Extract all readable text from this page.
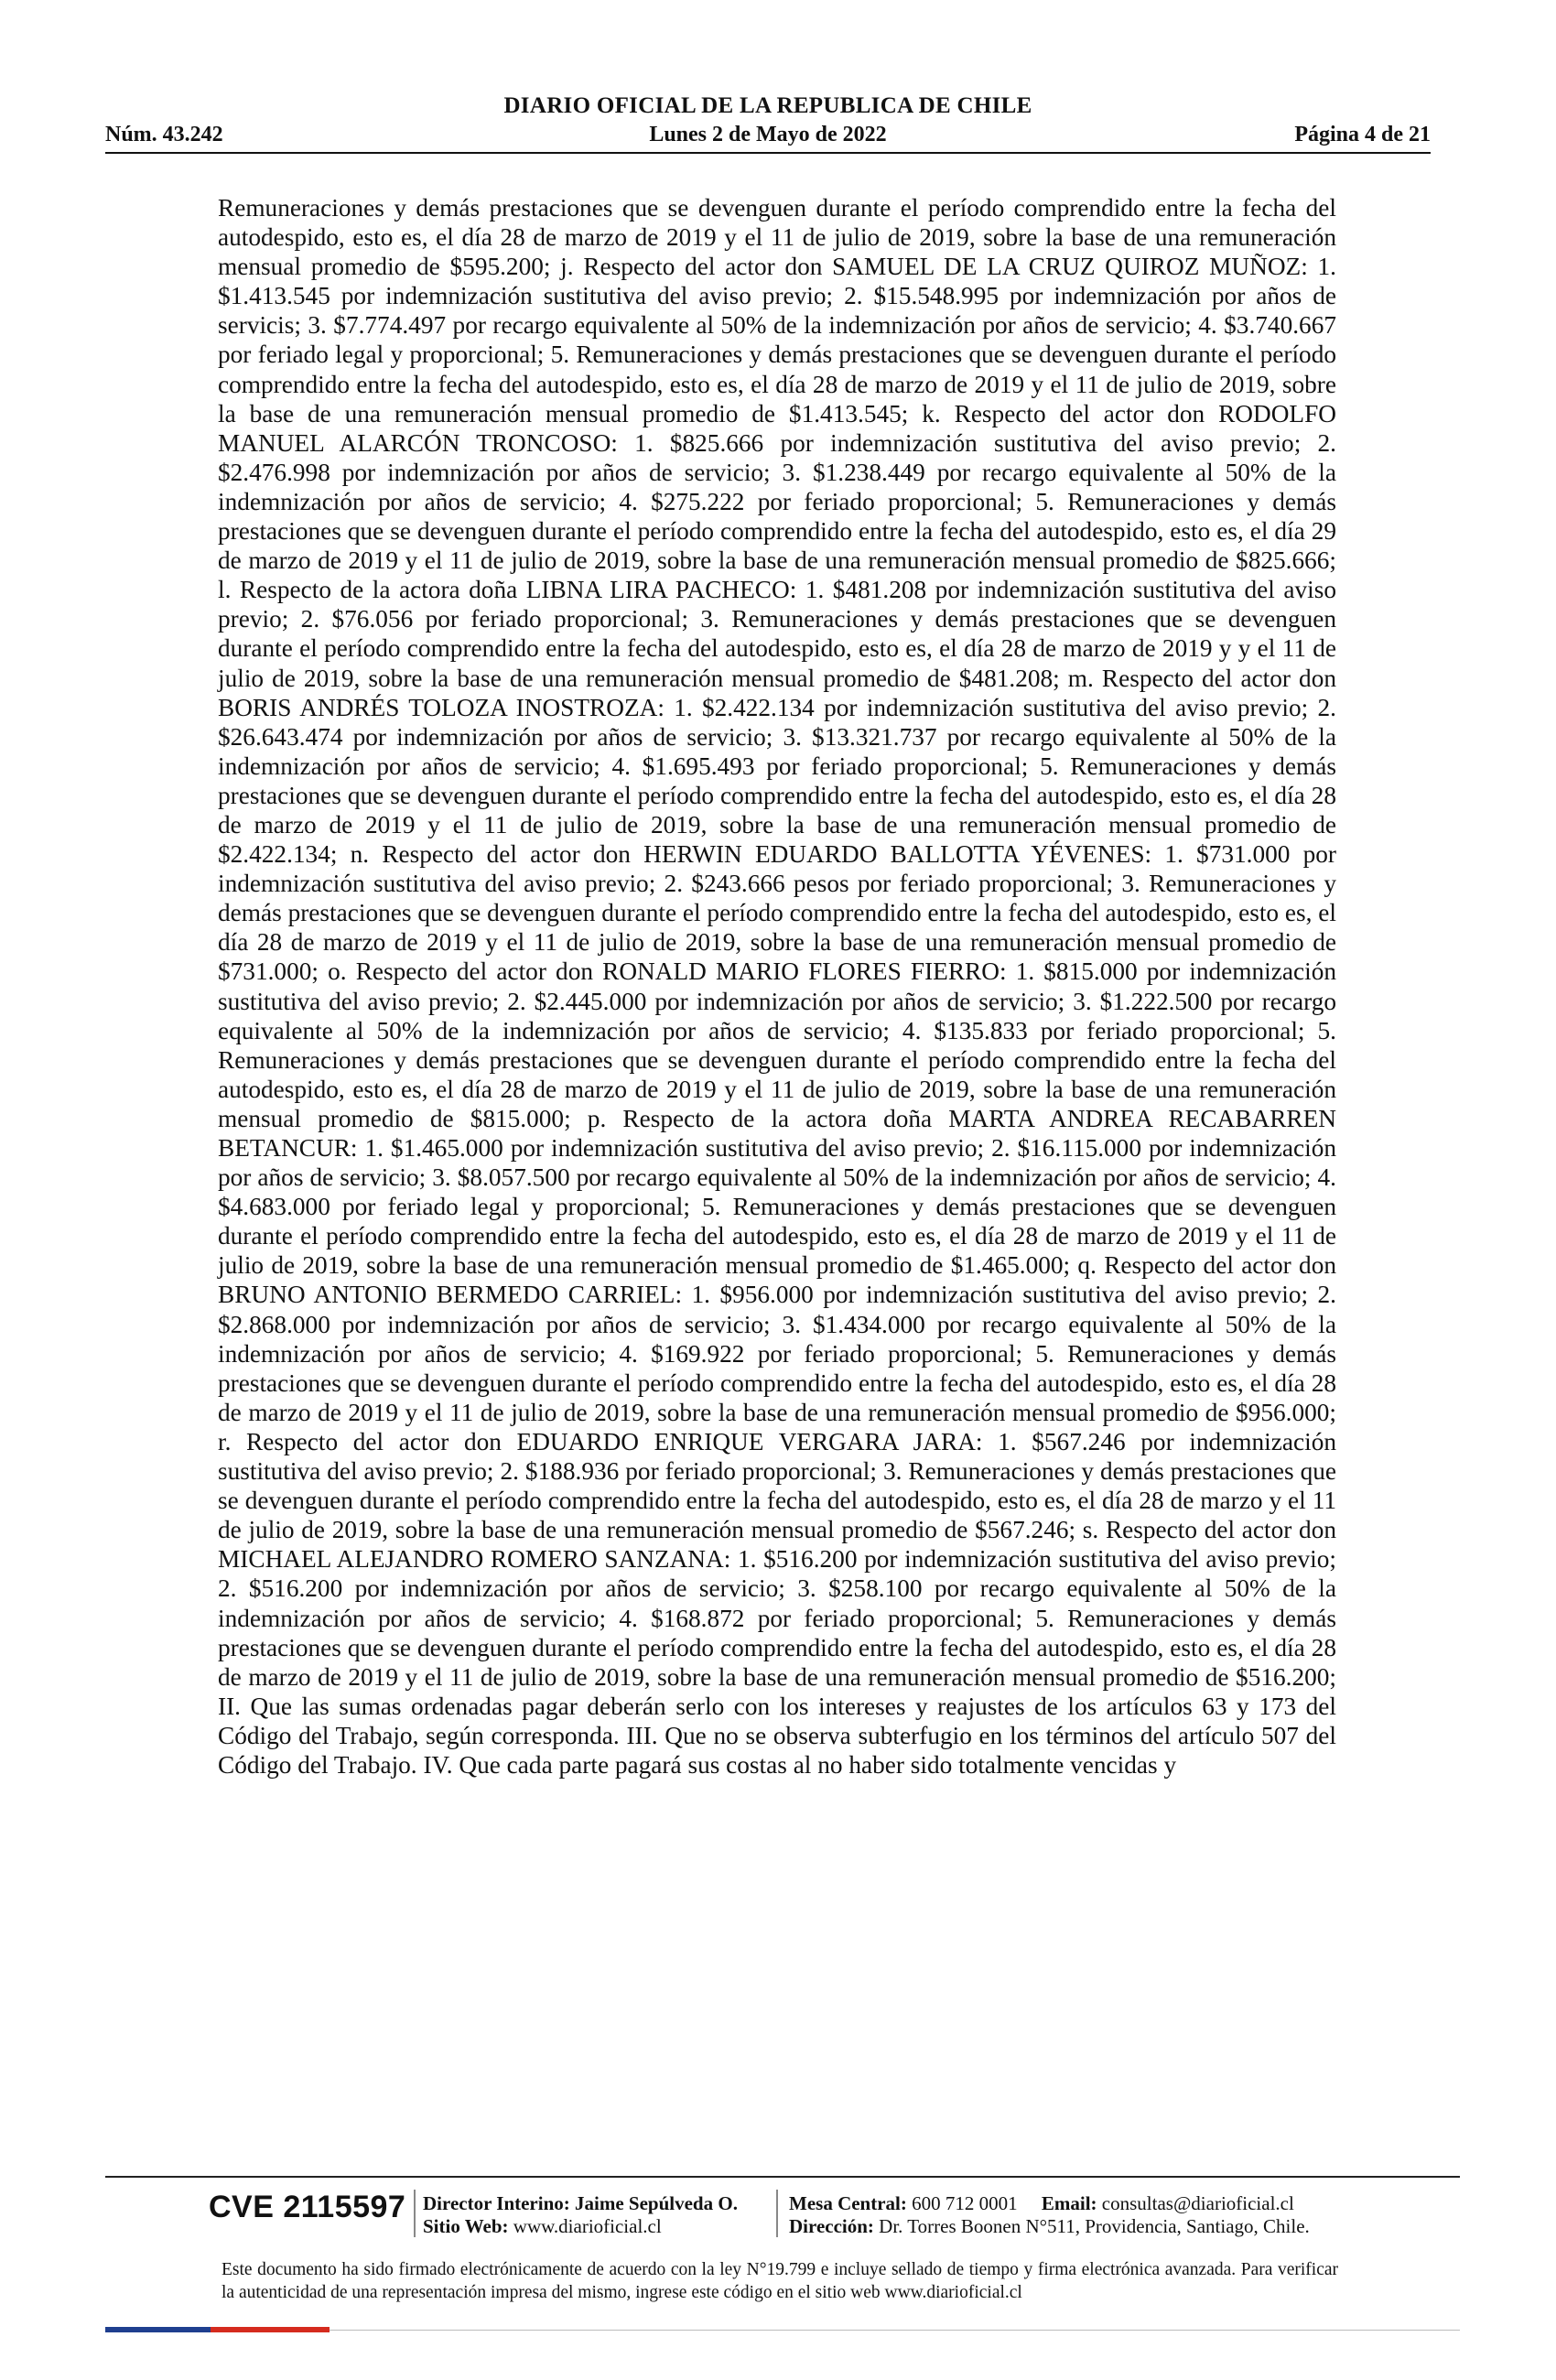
DIARIO OFICIAL DE LA REPUBLICA DE CHILE
Núm. 43.242	Lunes 2 de Mayo de 2022	Página 4 de 21

Remuneraciones y demás prestaciones que se devenguen durante el período comprendido entre la fecha del autodespido, esto es, el día 28 de marzo de 2019 y el 11 de julio de 2019, sobre la base de una remuneración mensual promedio de $595.200; j. Respecto del actor don SAMUEL DE LA CRUZ QUIROZ MUÑOZ: 1. $1.413.545 por indemnización sustitutiva del aviso previo; 2. $15.548.995 por indemnización por años de servicis; 3. $7.774.497 por recargo equivalente al 50% de la indemnización por años de servicio; 4. $3.740.667 por feriado legal y proporcional; 5. Remuneraciones y demás prestaciones que se devenguen durante el período comprendido entre la fecha del autodespido, esto es, el día 28 de marzo de 2019 y el 11 de julio de 2019, sobre la base de una remuneración mensual promedio de $1.413.545; k. Respecto del actor don RODOLFO MANUEL ALARCÓN TRONCOSO: 1. $825.666 por indemnización sustitutiva del aviso previo; 2. $2.476.998 por indemnización por años de servicio; 3. $1.238.449 por recargo equivalente al 50% de la indemnización por años de servicio; 4. $275.222 por feriado proporcional; 5. Remuneraciones y demás prestaciones que se devenguen durante el período comprendido entre la fecha del autodespido, esto es, el día 29 de marzo de 2019 y el 11 de julio de 2019, sobre la base de una remuneración mensual promedio de $825.666; l. Respecto de la actora doña LIBNA LIRA PACHECO: 1. $481.208 por indemnización sustitutiva del aviso previo; 2. $76.056 por feriado proporcional; 3. Remuneraciones y demás prestaciones que se devenguen durante el período comprendido entre la fecha del autodespido, esto es, el día 28 de marzo de 2019 y y el 11 de julio de 2019, sobre la base de una remuneración mensual promedio de $481.208; m. Respecto del actor don BORIS ANDRÉS TOLOZA INOSTROZA: 1. $2.422.134 por indemnización sustitutiva del aviso previo; 2. $26.643.474 por indemnización por años de servicio; 3. $13.321.737 por recargo equivalente al 50% de la indemnización por años de servicio; 4. $1.695.493 por feriado proporcional; 5. Remuneraciones y demás prestaciones que se devenguen durante el período comprendido entre la fecha del autodespido, esto es, el día 28 de marzo de 2019 y el 11 de julio de 2019, sobre la base de una remuneración mensual promedio de $2.422.134; n. Respecto del actor don HERWIN EDUARDO BALLOTTA YÉVENES: 1. $731.000 por indemnización sustitutiva del aviso previo; 2. $243.666 pesos por feriado proporcional; 3. Remuneraciones y demás prestaciones que se devenguen durante el período comprendido entre la fecha del autodespido, esto es, el día 28 de marzo de 2019 y el 11 de julio de 2019, sobre la base de una remuneración mensual promedio de $731.000; o. Respecto del actor don RONALD MARIO FLORES FIERRO: 1. $815.000 por indemnización sustitutiva del aviso previo; 2. $2.445.000 por indemnización por años de servicio; 3. $1.222.500 por recargo equivalente al 50% de la indemnización por años de servicio; 4. $135.833 por feriado proporcional; 5. Remuneraciones y demás prestaciones que se devenguen durante el período comprendido entre la fecha del autodespido, esto es, el día 28 de marzo de 2019 y el 11 de julio de 2019, sobre la base de una remuneración mensual promedio de $815.000; p. Respecto de la actora doña MARTA ANDREA RECABARREN BETANCUR: 1. $1.465.000 por indemnización sustitutiva del aviso previo; 2. $16.115.000 por indemnización por años de servicio; 3. $8.057.500 por recargo equivalente al 50% de la indemnización por años de servicio; 4. $4.683.000 por feriado legal y proporcional; 5. Remuneraciones y demás prestaciones que se devenguen durante el período comprendido entre la fecha del autodespido, esto es, el día 28 de marzo de 2019 y el 11 de julio de 2019, sobre la base de una remuneración mensual promedio de $1.465.000; q. Respecto del actor don BRUNO ANTONIO BERMEDO CARRIEL: 1. $956.000 por indemnización sustitutiva del aviso previo; 2. $2.868.000 por indemnización por años de servicio; 3. $1.434.000 por recargo equivalente al 50% de la indemnización por años de servicio; 4. $169.922 por feriado proporcional; 5. Remuneraciones y demás prestaciones que se devenguen durante el período comprendido entre la fecha del autodespido, esto es, el día 28 de marzo de 2019 y el 11 de julio de 2019, sobre la base de una remuneración mensual promedio de $956.000; r. Respecto del actor don EDUARDO ENRIQUE VERGARA JARA: 1. $567.246 por indemnización sustitutiva del aviso previo; 2. $188.936 por feriado proporcional; 3. Remuneraciones y demás prestaciones que se devenguen durante el período comprendido entre la fecha del autodespido, esto es, el día 28 de marzo y el 11 de julio de 2019, sobre la base de una remuneración mensual promedio de $567.246; s. Respecto del actor don MICHAEL ALEJANDRO ROMERO SANZANA: 1. $516.200 por indemnización sustitutiva del aviso previo; 2. $516.200 por indemnización por años de servicio; 3. $258.100 por recargo equivalente al 50% de la indemnización por años de servicio; 4. $168.872 por feriado proporcional; 5. Remuneraciones y demás prestaciones que se devenguen durante el período comprendido entre la fecha del autodespido, esto es, el día 28 de marzo de 2019 y el 11 de julio de 2019, sobre la base de una remuneración mensual promedio de $516.200; II. Que las sumas ordenadas pagar deberán serlo con los intereses y reajustes de los artículos 63 y 173 del Código del Trabajo, según corresponda. III. Que no se observa subterfugio en los términos del artículo 507 del Código del Trabajo. IV. Que cada parte pagará sus costas al no haber sido totalmente vencidas y

CVE 2115597 Director Interino: Jaime Sepúlveda O.
Sitio Web: www.diarioficial.cl
Mesa Central: 600 712 0001 Email: consultas@diarioficial.cl
Dirección: Dr. Torres Boonen N°511, Providencia, Santiago, Chile.
Este documento ha sido firmado electrónicamente de acuerdo con la ley N°19.799 e incluye sellado de tiempo y firma electrónica avanzada. Para verificar la autenticidad de una representación impresa del mismo, ingrese este código en el sitio web www.diarioficial.cl
